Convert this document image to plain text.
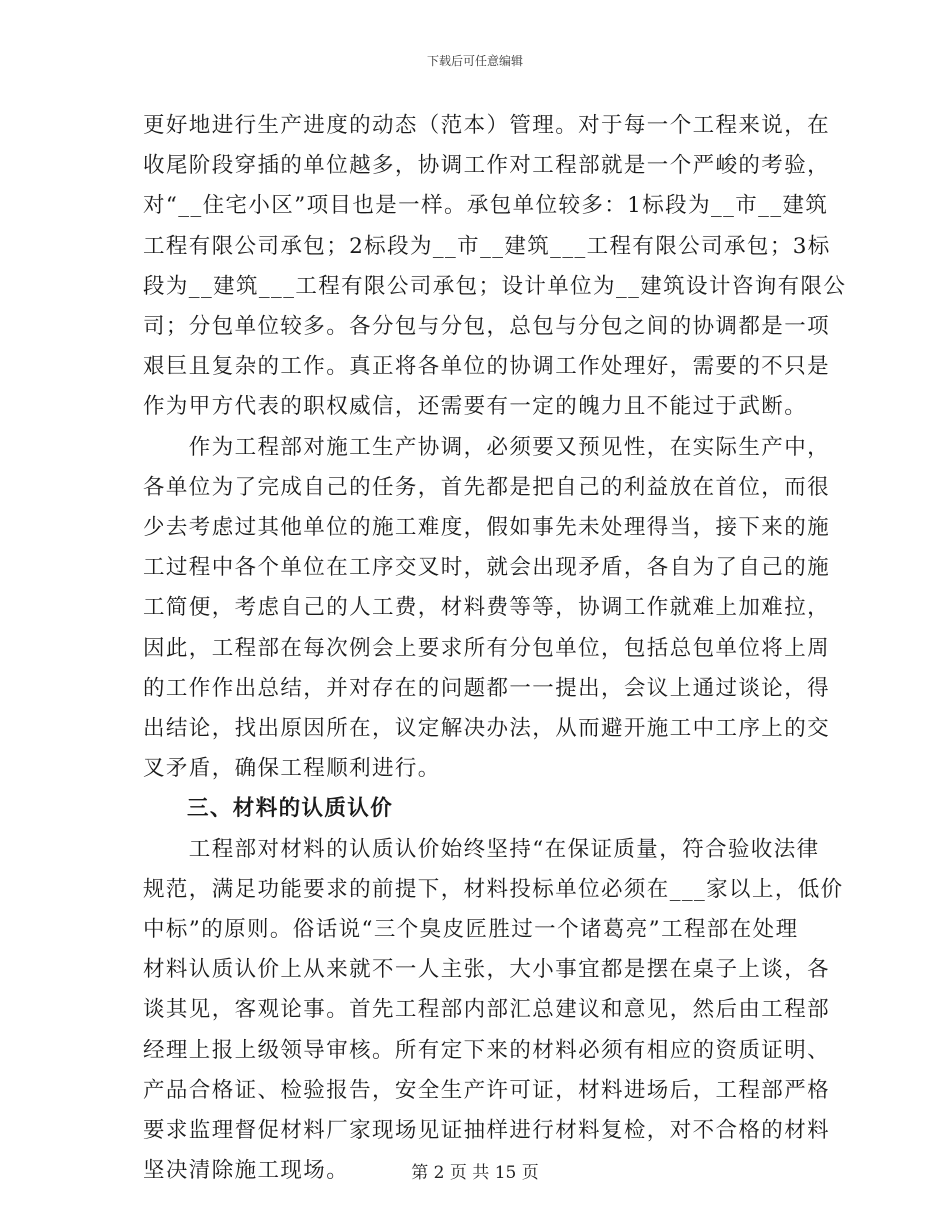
下载后可任意编辑

更好地进行生产进度的动态（范本）管理。对于每一个工程来说，在
收尾阶段穿插的单位越多，协调工作对工程部就是一个严峻的考验，
对“__住宅小区”项目也是一样。承包单位较多：1标段为__市__建筑
工程有限公司承包；2标段为__市__建筑___工程有限公司承包；3标
段为__建筑___工程有限公司承包；设计单位为__建筑设计咨询有限公
司；分包单位较多。各分包与分包，总包与分包之间的协调都是一项
艰巨且复杂的工作。真正将各单位的协调工作处理好，需要的不只是
作为甲方代表的职权威信，还需要有一定的魄力且不能过于武断。

　　作为工程部对施工生产协调，必须要又预见性，在实际生产中，
各单位为了完成自己的任务，首先都是把自己的利益放在首位，而很
少去考虑过其他单位的施工难度，假如事先未处理得当，接下来的施
工过程中各个单位在工序交叉时，就会出现矛盾，各自为了自己的施
工简便，考虑自己的人工费，材料费等等，协调工作就难上加难拉，
因此，工程部在每次例会上要求所有分包单位，包括总包单位将上周
的工作作出总结，并对存在的问题都一一提出，会议上通过谈论，得
出结论，找出原因所在，议定解决办法，从而避开施工中工序上的交
叉矛盾，确保工程顺利进行。

三、材料的认质认价

　　工程部对材料的认质认价始终坚持“在保证质量，符合验收法律
规范，满足功能要求的前提下，材料投标单位必须在___家以上，低价
中标”的原则。俗话说“三个臭皮匠胜过一个诸葛亮”工程部在处理
材料认质认价上从来就不一人主张，大小事宜都是摆在桌子上谈，各
谈其见，客观论事。首先工程部内部汇总建议和意见，然后由工程部
经理上报上级领导审核。所有定下来的材料必须有相应的资质证明、
产品合格证、检验报告，安全生产许可证，材料进场后，工程部严格
要求监理督促材料厂家现场见证抽样进行材料复检，对不合格的材料
坚决清除施工现场。	第 2 页 共 15 页
